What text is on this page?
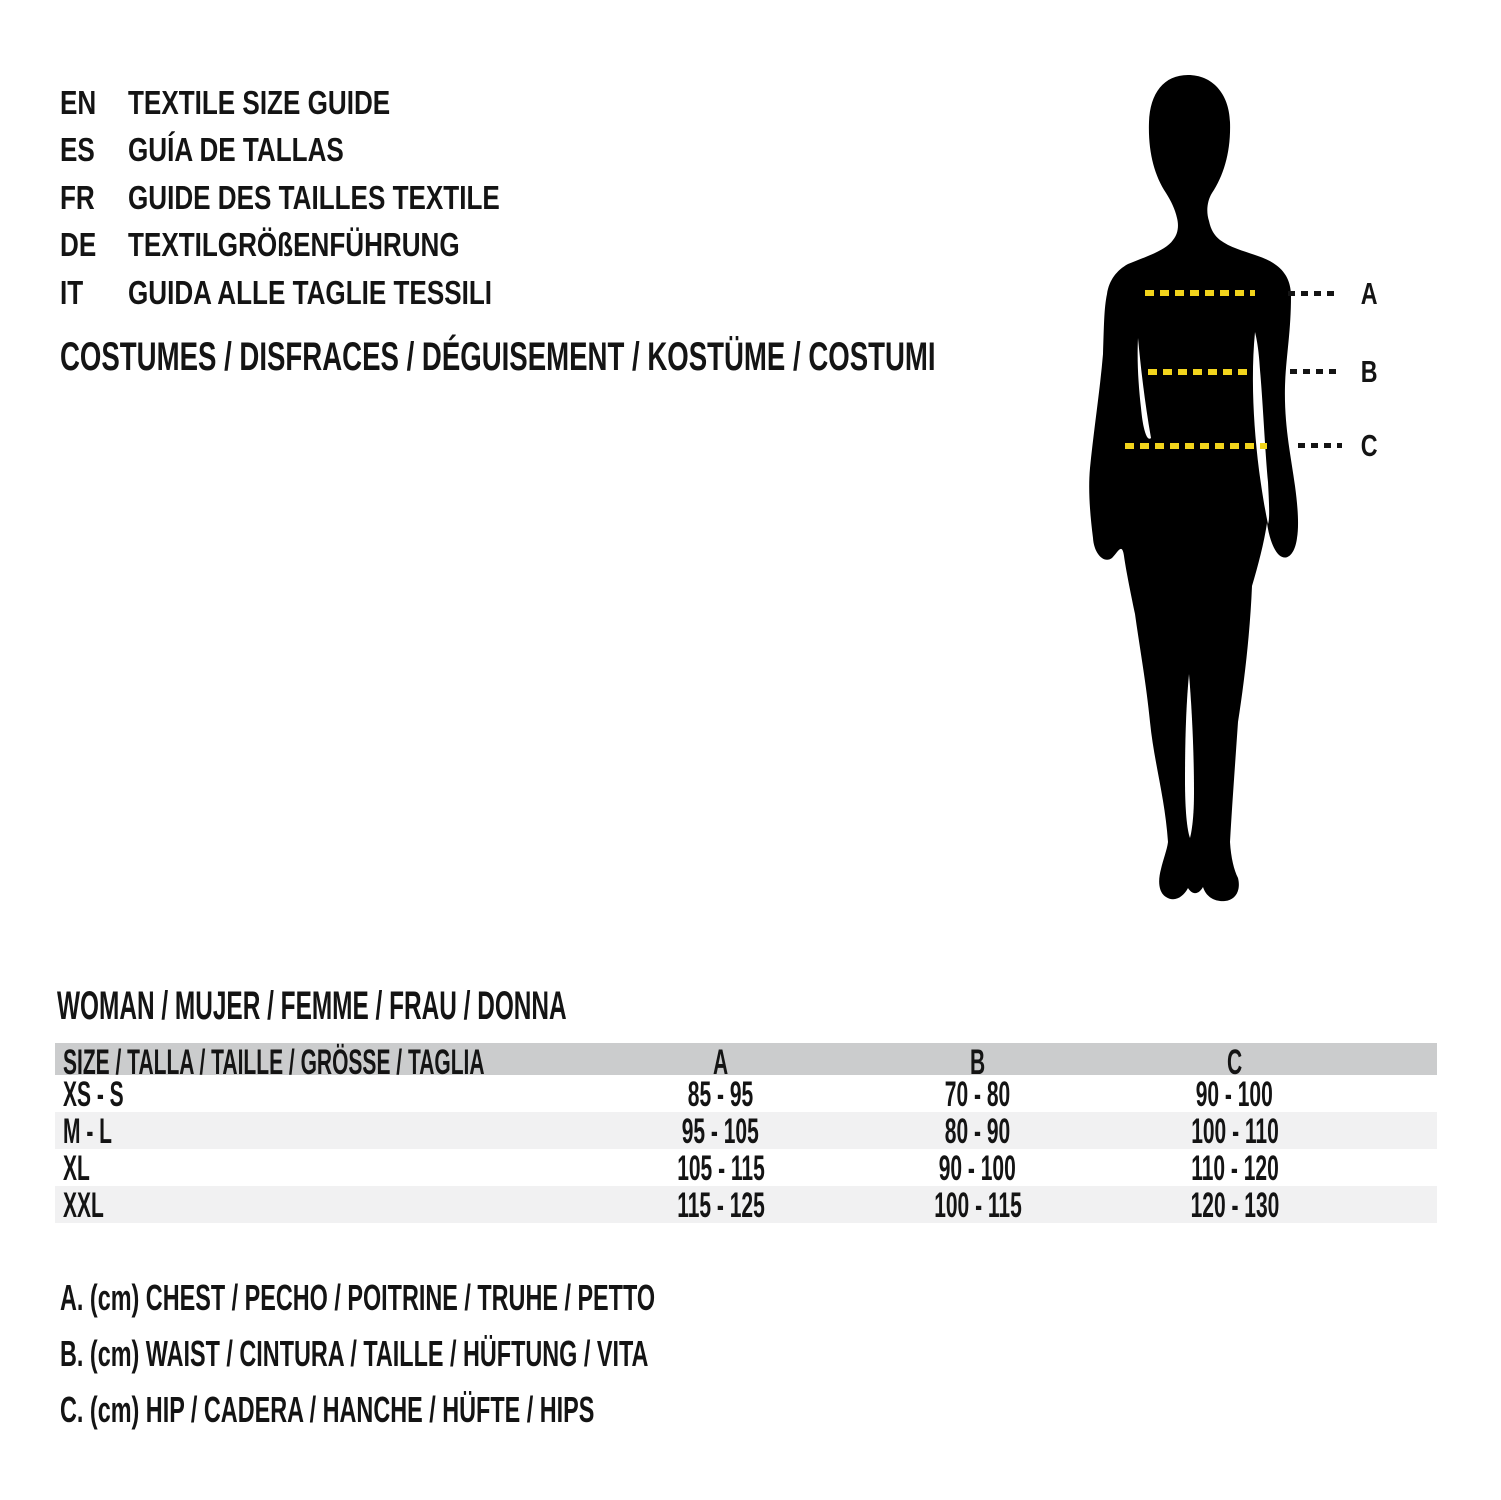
EN TEXTILE SIZE GUIDE
ES	GUÍA DE TALLAS
FR	GUIDE DES TAILLES TEXTILE
DE TEXTILGRÖßENFÜHRUNG
IT	GUIDA ALLE TAGLIE TESSILI
COSTUMES / DISFRACES / DÉGUISEMENT / KOSTÜME / COSTUMI
A
B
C
WOMAN / MUJER / FEMME / FRAU / DONNA
SIZE / TALLA / TAILLE / GRÖSSE / TAGLIA	A	B	C
XS - S	85 - 95	70 - 80	90 - 100
M - L	95 - 105	80 - 90	100 - 110
XL	105 - 115	90 - 100	110 - 120
XXL	115 - 125	100 - 115	120 - 130
A. (cm) CHEST / PECHO / POITRINE / TRUHE / PETTO
B. (cm) WAIST / CINTURA / TAILLE / HÜFTUNG / VITA
C. (cm) HIP / CADERA / HANCHE / HÜFTE / HIPS
